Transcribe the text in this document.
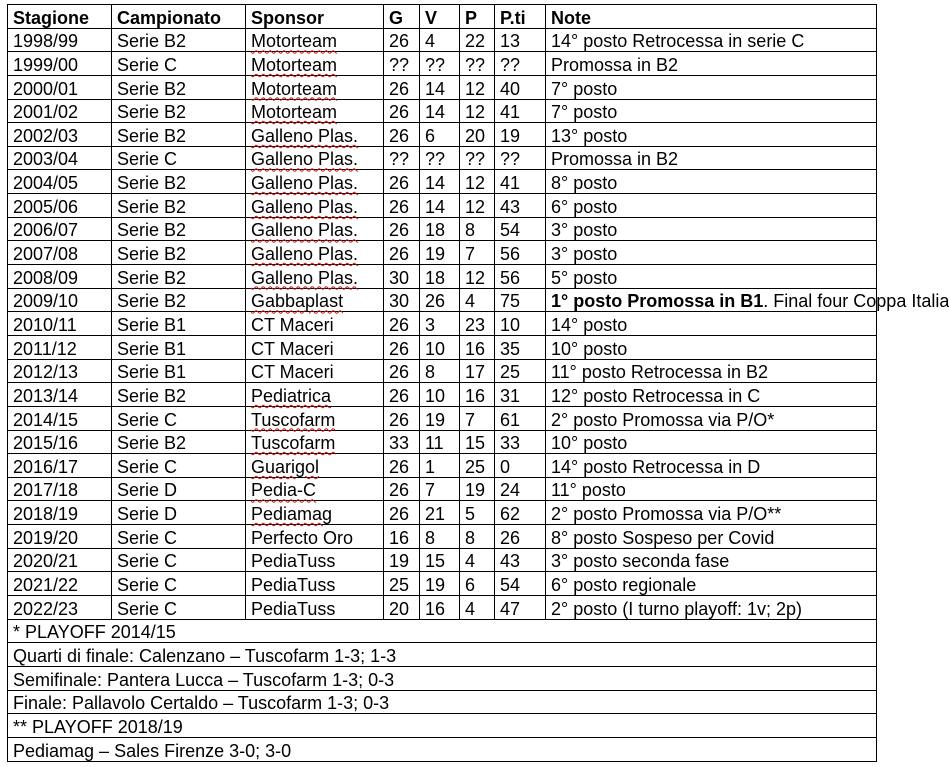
Stagione	Campionato	Sponsor	G	V	P	P.ti	Note
1998/99	Serie B2	Motorteam	26	4	22	13	14° posto Retrocessa in serie C
1999/00	Serie C	Motorteam	??	??	??	??	Promossa in B2
2000/01	Serie B2	Motorteam	26	14	12	40	7° posto
2001/02	Serie B2	Motorteam	26	14	12	41	7° posto
2002/03	Serie B2	Galleno Plas.	26	6	20	19	13° posto
2003/04	Serie C	Galleno Plas.	??	??	??	??	Promossa in B2
2004/05	Serie B2	Galleno Plas.	26	14	12	41	8° posto
2005/06	Serie B2	Galleno Plas.	26	14	12	43	6° posto
2006/07	Serie B2	Galleno Plas.	26	18	8	54	3° posto
2007/08	Serie B2	Galleno Plas.	26	19	7	56	3° posto
2008/09	Serie B2	Galleno Plas.	30	18	12	56	5° posto
2009/10	Serie B2	Gabbaplast	30	26	4	75	1° posto Promossa in B1. Final four Coppa Italia
2010/11	Serie B1	CT Maceri	26	3	23	10	14° posto
2011/12	Serie B1	CT Maceri	26	10	16	35	10° posto
2012/13	Serie B1	CT Maceri	26	8	17	25	11° posto Retrocessa in B2
2013/14	Serie B2	Pediatrica	26	10	16	31	12° posto Retrocessa in C
2014/15	Serie C	Tuscofarm	26	19	7	61	2° posto Promossa via P/O*
2015/16	Serie B2	Tuscofarm	33	11	15	33	10° posto
2016/17	Serie C	Guarigol	26	1	25	0	14° posto Retrocessa in D
2017/18	Serie D	Pedia-C	26	7	19	24	11° posto
2018/19	Serie D	Pediamag	26	21	5	62	2° posto Promossa via P/O**
2019/20	Serie C	Perfecto Oro	16	8	8	26	8° posto Sospeso per Covid
2020/21	Serie C	PediaTuss	19	15	4	43	3° posto seconda fase
2021/22	Serie C	PediaTuss	25	19	6	54	6° posto regionale
2022/23	Serie C	PediaTuss	20	16	4	47	2° posto (I turno playoff: 1v; 2p)
* PLAYOFF 2014/15							
Quarti di finale: Calenzano – Tuscofarm 1-3; 1-3							
Semifinale: Pantera Lucca – Tuscofarm 1-3; 0-3							
Finale: Pallavolo Certaldo – Tuscofarm 1-3; 0-3							
** PLAYOFF 2018/19							
Pediamag – Sales Firenze 3-0; 3-0							
